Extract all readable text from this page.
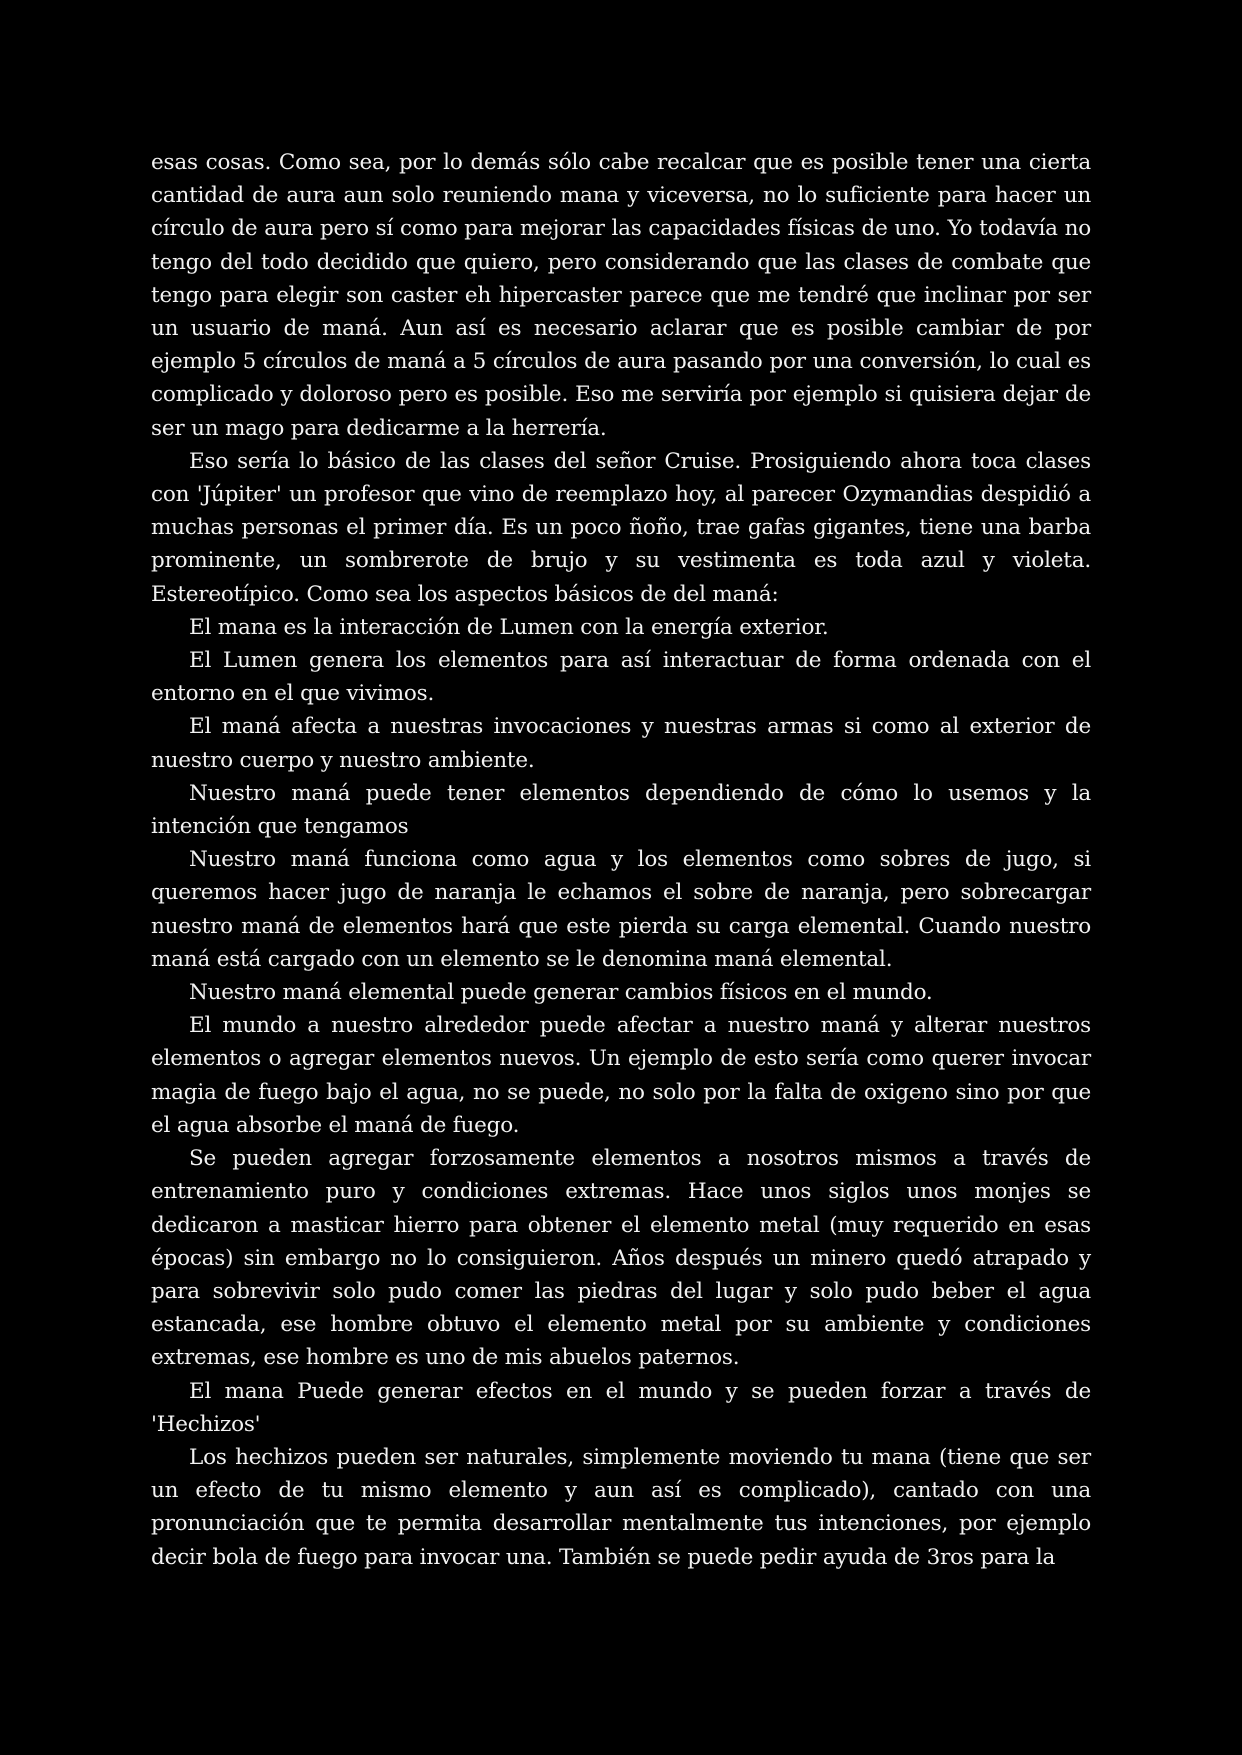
esas cosas. Como sea, por lo demás sólo cabe recalcar que es posible tener una cierta cantidad de aura aun solo reuniendo mana y viceversa, no lo suficiente para hacer un círculo de aura pero sí como para mejorar las capacidades físicas de uno. Yo todavía no tengo del todo decidido que quiero, pero considerando que las clases de combate que tengo para elegir son caster eh hipercaster parece que me tendré que inclinar por ser un usuario de maná. Aun así es necesario aclarar que es posible cambiar de por ejemplo 5 círculos de maná a 5 círculos de aura pasando por una conversión, lo cual es complicado y doloroso pero es posible. Eso me serviría por ejemplo si quisiera dejar de ser un mago para dedicarme a la herrería.

Eso sería lo básico de las clases del señor Cruise. Prosiguiendo ahora toca clases con 'Júpiter' un profesor que vino de reemplazo hoy, al parecer Ozymandias despidió a muchas personas el primer día. Es un poco ñoño, trae gafas gigantes, tiene una barba prominente, un sombrerote de brujo y su vestimenta es toda azul y violeta. Estereotípico. Como sea los aspectos básicos de del maná:

El mana es la interacción de Lumen con la energía exterior.

El Lumen genera los elementos para así interactuar de forma ordenada con el entorno en el que vivimos.

El maná afecta a nuestras invocaciones y nuestras armas si como al exterior de nuestro cuerpo y nuestro ambiente.

Nuestro maná puede tener elementos dependiendo de cómo lo usemos y la intención que tengamos

Nuestro maná funciona como agua y los elementos como sobres de jugo, si queremos hacer jugo de naranja le echamos el sobre de naranja, pero sobrecargar nuestro maná de elementos hará que este pierda su carga elemental. Cuando nuestro maná está cargado con un elemento se le denomina maná elemental.

Nuestro maná elemental puede generar cambios físicos en el mundo.

El mundo a nuestro alrededor puede afectar a nuestro maná y alterar nuestros elementos o agregar elementos nuevos. Un ejemplo de esto sería como querer invocar magia de fuego bajo el agua, no se puede, no solo por la falta de oxigeno sino por que el agua absorbe el maná de fuego.

Se pueden agregar forzosamente elementos a nosotros mismos a través de entrenamiento puro y condiciones extremas. Hace unos siglos unos monjes se dedicaron a masticar hierro para obtener el elemento metal (muy requerido en esas épocas) sin embargo no lo consiguieron. Años después un minero quedó atrapado y para sobrevivir solo pudo comer las piedras del lugar y solo pudo beber el agua estancada, ese hombre obtuvo el elemento metal por su ambiente y condiciones extremas, ese hombre es uno de mis abuelos paternos.

El mana Puede generar efectos en el mundo y se pueden forzar a través de 'Hechizos'

Los hechizos pueden ser naturales, simplemente moviendo tu mana (tiene que ser un efecto de tu mismo elemento y aun así es complicado), cantado con una pronunciación que te permita desarrollar mentalmente tus intenciones, por ejemplo decir bola de fuego para invocar una. También se puede pedir ayuda de 3ros para la
